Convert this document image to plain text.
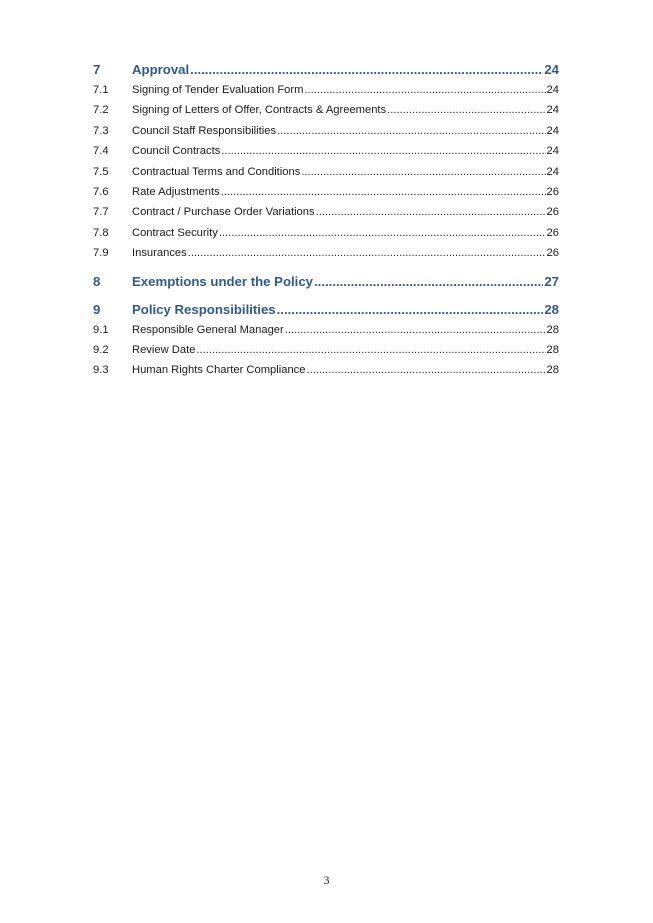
7	Approval .....	24
7.1	Signing of Tender Evaluation Form .....	24
7.2	Signing of Letters of Offer, Contracts & Agreements .....	24
7.3	Council Staff Responsibilities .....	24
7.4	Council Contracts .....	24
7.5	Contractual Terms and Conditions .....	24
7.6	Rate Adjustments .....	26
7.7	Contract / Purchase Order Variations .....	26
7.8	Contract Security .....	26
7.9	Insurances .....	26
8	Exemptions under the Policy .....	27
9	Policy Responsibilities .....	28
9.1	Responsible General Manager .....	28
9.2	Review Date .....	28
9.3	Human Rights Charter Compliance .....	28
3
